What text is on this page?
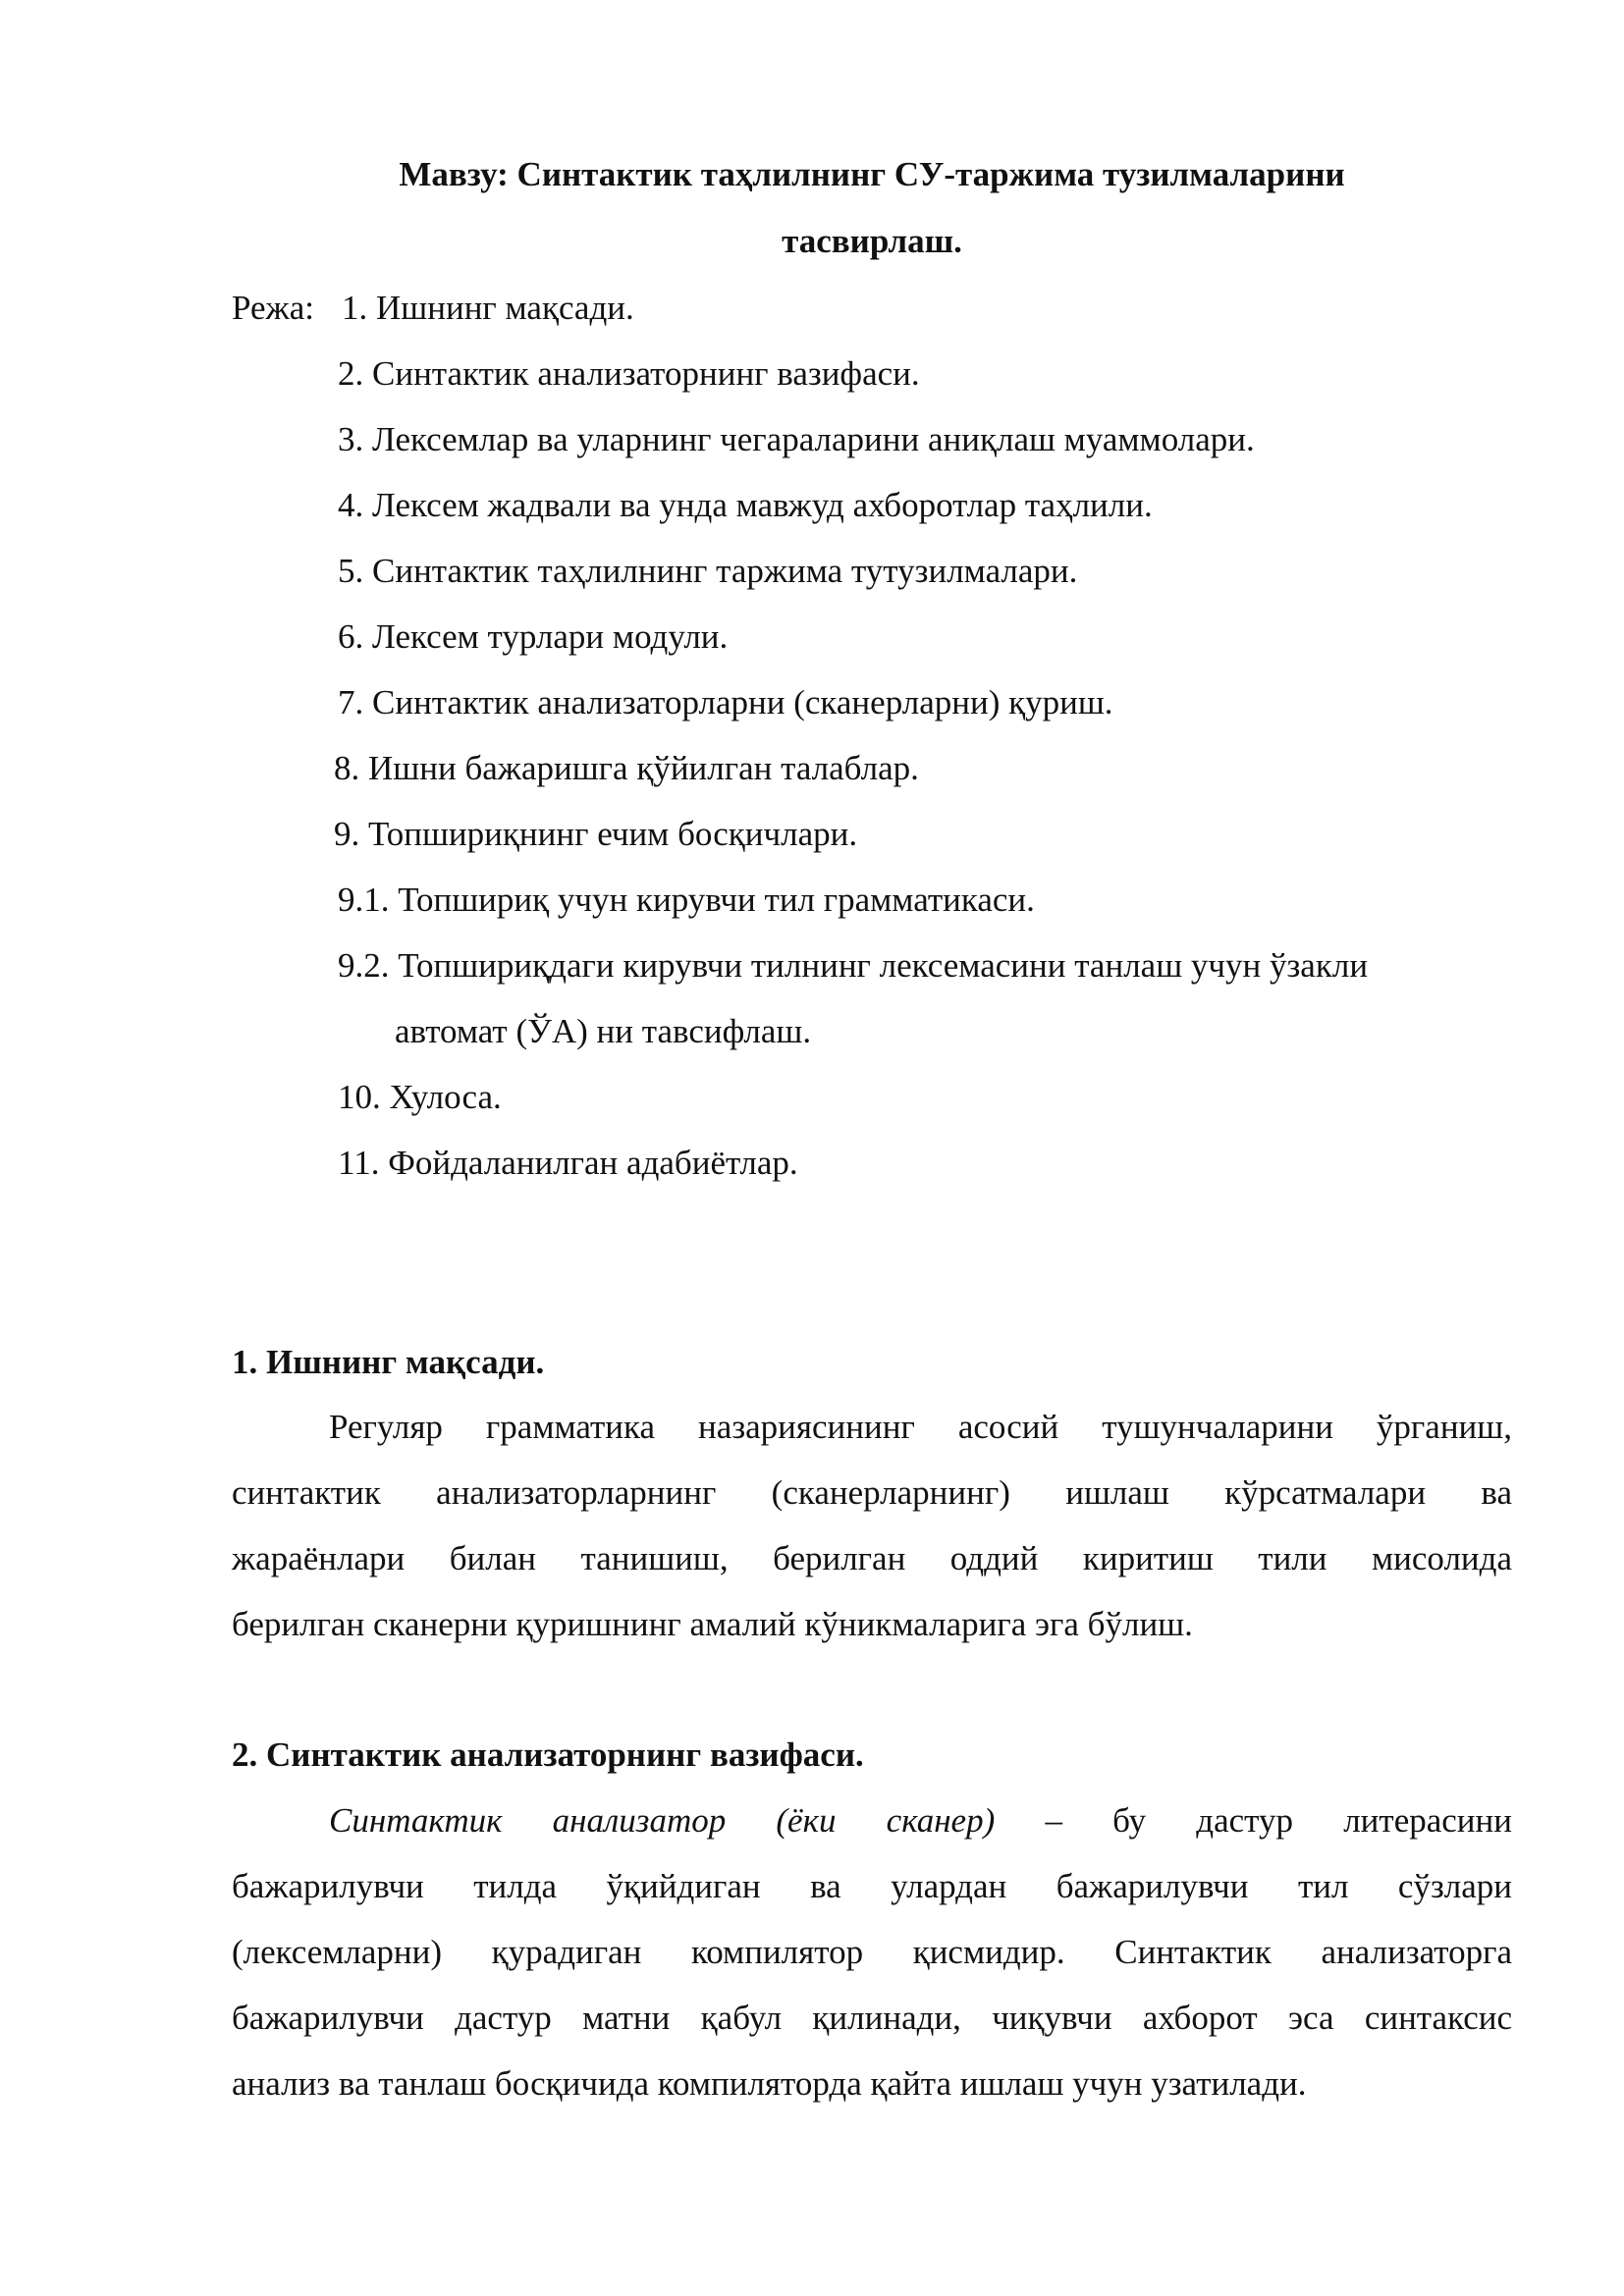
Мавзу: Синтактик таҳлилнинг СУ-таржима тузилмаларини
тасвирлаш.
Режа: 1. Ишнинг мақсади.
2. Синтактик анализаторнинг вазифаси.
3. Лексемлар ва уларнинг чегараларини аниқлаш муаммолари.
4. Лексем жадвали ва унда мавжуд ахборотлар таҳлили.
5. Синтактик таҳлилнинг таржима тутузилмалари.
6. Лексем турлари модули.
7. Синтактик анализаторларни (сканерларни) қуриш.
8. Ишни бажаришга қўйилган талаблар.
9. Топшириқнинг ечим босқичлари.
9.1. Топшириқ учун кирувчи тил грамматикаси.
9.2. Топшириқдаги кирувчи тилнинг лексемасини танлаш учун ўзакли
автомат (ЎА) ни тавсифлаш.
10. Хулоса.
11. Фойдаланилган адабиётлар.
1. Ишнинг мақсади.
Регуляр грамматика назариясининг асосий тушунчаларини ўрганиш,
синтактик анализаторларнинг (сканерларнинг) ишлаш кўрсатмалари ва
жараёнлари билан танишиш, берилган оддий киритиш тили мисолида
берилган сканерни қуришнинг амалий кўникмаларига эга бўлиш.
2. Синтактик анализаторнинг вазифаси.
Синтактик анализатор (ёки сканер) – бу дастур литерасини
бажарилувчи тилда ўқийдиган ва улардан бажарилувчи тил сўзлари
(лексемларни) қурадиган компилятор қисмидир. Синтактик анализаторга
бажарилувчи дастур матни қабул қилинади, чиқувчи ахборот эса синтаксис
анализ ва танлаш босқичида компиляторда қайта ишлаш учун узатилади.
